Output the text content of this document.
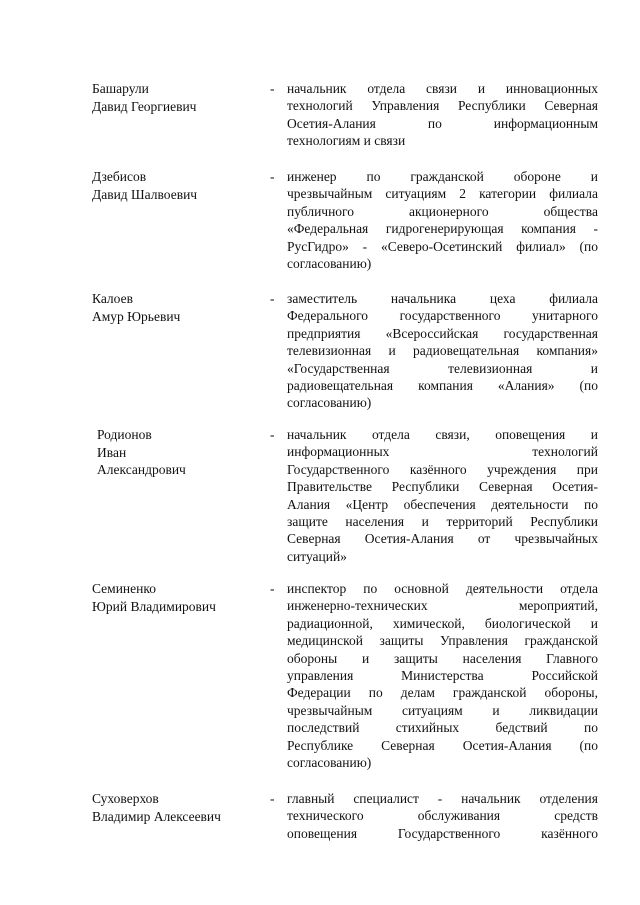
Башарули
Давид Георгиевич
- начальник отдела связи и инновационных
технологий Управления Республики Северная
Осетия-Алания по информационным
технологиям и связи
Дзебисов
Давид Шалвоевич
- инженер по гражданской обороне и
чрезвычайным ситуациям 2 категории филиала
публичного акционерного общества
«Федеральная гидрогенерирующая компания -
РусГидро» - «Северо-Осетинский филиал» (по
согласованию)
Калоев
Амур Юрьевич
- заместитель начальника цеха филиала
Федерального государственного унитарного
предприятия «Всероссийская государственная
телевизионная и радиовещательная компания»
«Государственная телевизионная и
радиовещательная компания «Алания» (по
согласованию)
Родионов
Иван
Александрович
- начальник отдела связи, оповещения и
информационных технологий
Государственного казённого учреждения при
Правительстве Республики Северная Осетия-
Алания «Центр обеспечения деятельности по
защите населения и территорий Республики
Северная Осетия-Алания от чрезвычайных
ситуаций»
Семиненко
Юрий Владимирович
- инспектор по основной деятельности отдела
инженерно-технических мероприятий,
радиационной, химической, биологической и
медицинской защиты Управления гражданской
обороны и защиты населения Главного
управления Министерства Российской
Федерации по делам гражданской обороны,
чрезвычайным ситуациям и ликвидации
последствий стихийных бедствий по
Республике Северная Осетия-Алания (по
согласованию)
Суховерхов
Владимир Алексеевич
- главный специалист - начальник отделения
технического обслуживания средств
оповещения Государственного казённого
